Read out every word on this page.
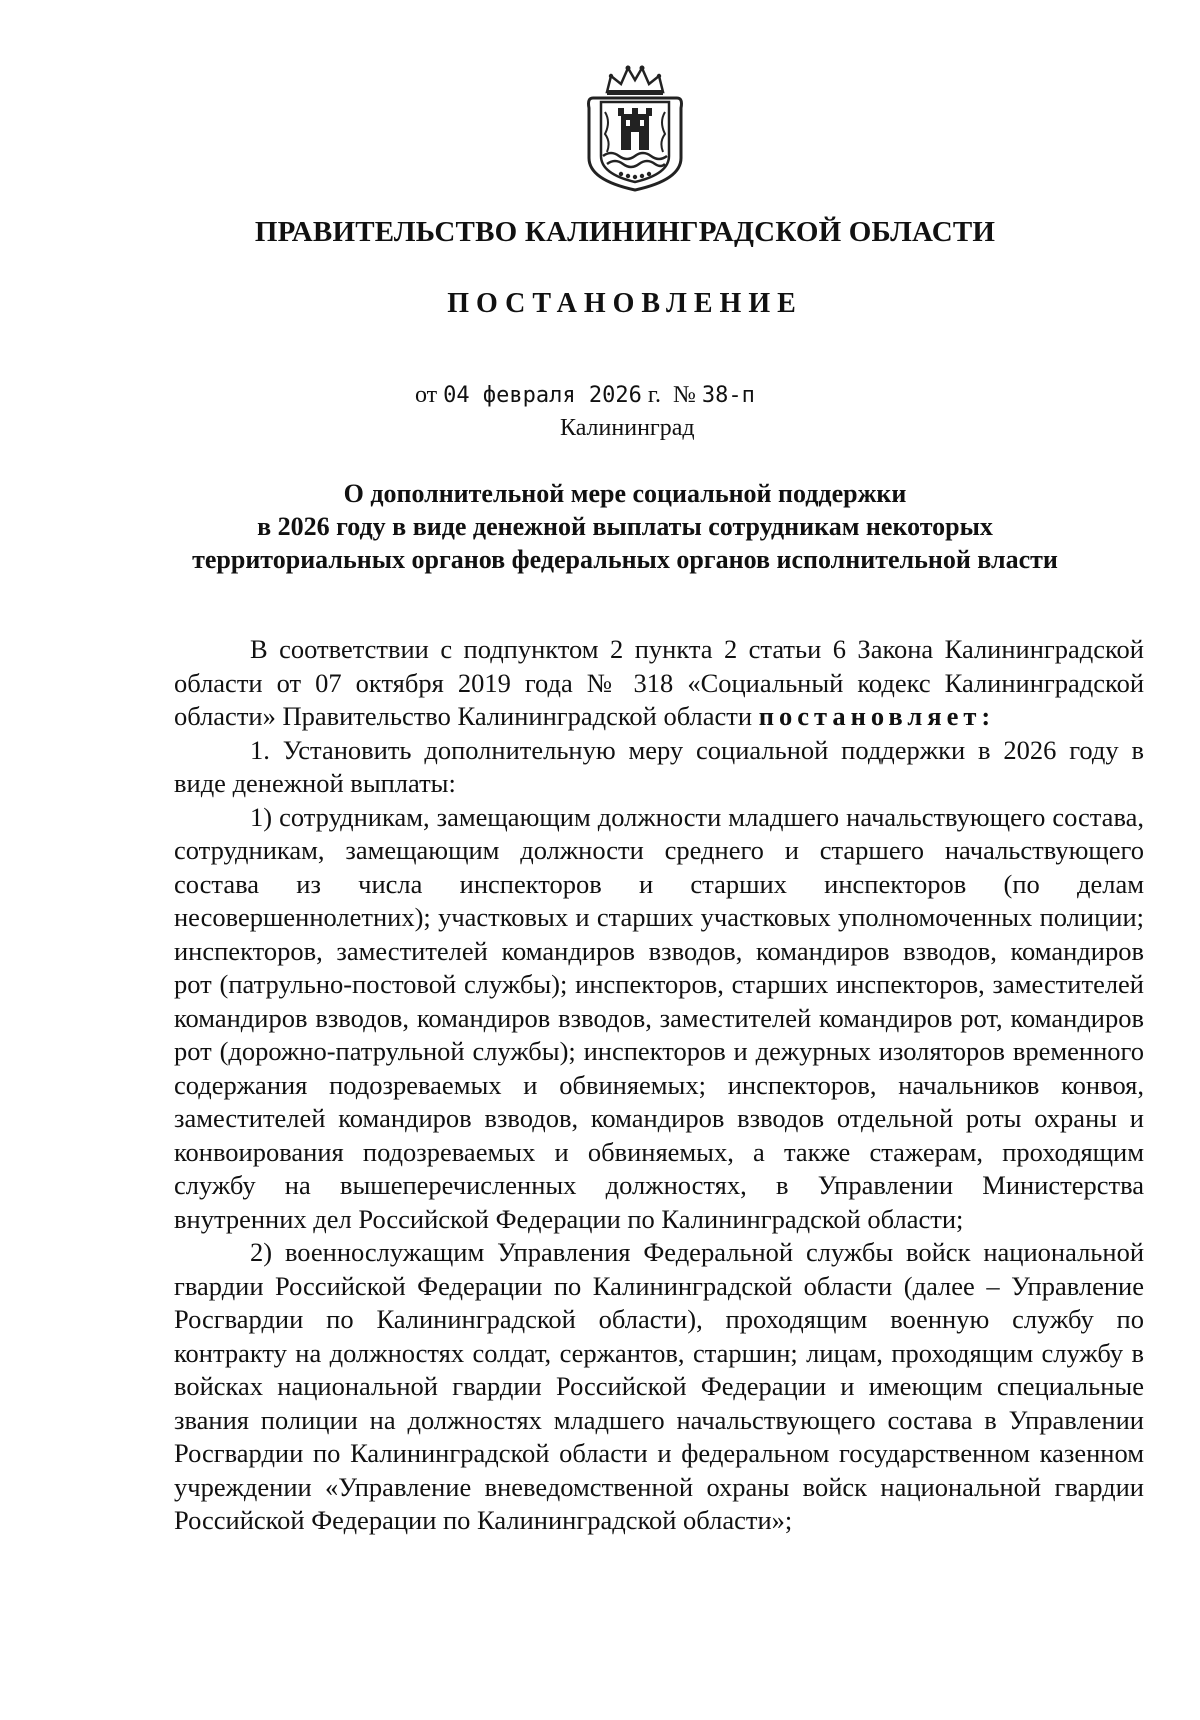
ПРАВИТЕЛЬСТВО КАЛИНИНГРАДСКОЙ ОБЛАСТИ
ПОСТАНОВЛЕНИЕ
от 04 февраля 2026 г. № 38-п
Калининград
О дополнительной мере социальной поддержки
в 2026 году в виде денежной выплаты сотрудникам некоторых
территориальных органов федеральных органов исполнительной власти

В соответствии с подпунктом 2 пункта 2 статьи 6 Закона Калининградской области от 07 октября 2019 года № 318 «Социальный кодекс Калининградской области» Правительство Калининградской области постановляет:

1. Установить дополнительную меру социальной поддержки в 2026 году в виде денежной выплаты:

1) сотрудникам, замещающим должности младшего начальствующего состава, сотрудникам, замещающим должности среднего и старшего начальствующего состава из числа инспекторов и старших инспекторов (по делам несовершеннолетних); участковых и старших участковых уполномоченных полиции; инспекторов, заместителей командиров взводов, командиров взводов, командиров рот (патрульно-постовой службы); инспекторов, старших инспекторов, заместителей командиров взводов, командиров взводов, заместителей командиров рот, командиров рот (дорожно-патрульной службы); инспекторов и дежурных изоляторов временного содержания подозреваемых и обвиняемых; инспекторов, начальников конвоя, заместителей командиров взводов, командиров взводов отдельной роты охраны и конвоирования подозреваемых и обвиняемых, а также стажерам, проходящим службу на вышеперечисленных должностях, в Управлении Министерства внутренних дел Российской Федерации по Калининградской области;

2) военнослужащим Управления Федеральной службы войск национальной гвардии Российской Федерации по Калининградской области (далее – Управление Росгвардии по Калининградской области), проходящим военную службу по контракту на должностях солдат, сержантов, старшин; лицам, проходящим службу в войсках национальной гвардии Российской Федерации и имеющим специальные звания полиции на должностях младшего начальствующего состава в Управлении Росгвардии по Калининградской области и федеральном государственном казенном учреждении «Управление вневедомственной охраны войск национальной гвардии Российской Федерации по Калининградской области»;
